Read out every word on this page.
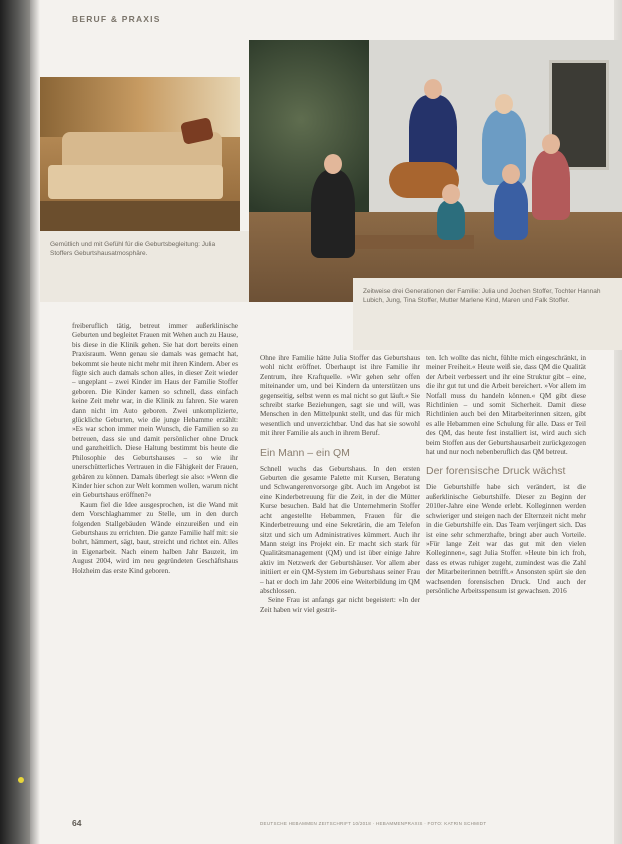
BERUF & PRAXIS
Gemütlich und mit Gefühl für die Geburtsbegleitung: Julia Stoffers Geburtshausatmosphäre.
Zeitweise drei Generationen der Familie: Julia und Jochen Stoffer, Tochter Hannah Lubich, Jung, Tina Stoffer, Mutter Marlene Kind, Maren und Falk Stoffer.

freiberuflich tätig, betreut immer außerklinische Geburten und begleitet Frauen mit Wehen auch zu Hause, bis diese in die Klinik gehen. Sie hat dort bereits einen Praxisraum. Wenn genau sie damals was gemacht hat, bekommt sie heute nicht mehr mit ihren Kindern. Aber es fügte sich auch damals schon alles, in dieser Zeit wieder – ungeplant – zwei Kinder im Haus der Familie Stoffer geboren. Die Kinder kamen so schnell, dass einfach keine Zeit mehr war, in die Klinik zu fahren. Sie waren dann nicht im Auto geboren. Zwei unkomplizierte, glückliche Geburten, wie die junge Hebamme erzählt: »Es war schon immer mein Wunsch, die Familien so zu betreuen, dass sie und damit persönlicher ohne Druck und ganzheitlich. Diese Haltung bestimmt bis heute die Philosophie des Geburtshauses – so wie ihr unerschütterliches Vertrauen in die Fähigkeit der Frauen, gebären zu können. Damals überlegt sie also: »Wenn die Kinder hier schon zur Welt kommen wollen, warum nicht ein Geburtshaus eröffnen?«

Kaum fiel die Idee ausgesprochen, ist die Wand mit dem Vorschlaghammer zu Stelle, um in den durch folgenden Stallgebäuden Wände einzureißen und ein Geburtshaus zu errichten. Die ganze Familie half mit: sie bohrt, hämmert, sägt, baut, streicht und richtet ein. Alles in Eigenarbeit. Nach einem halben Jahr Bauzeit, im August 2004, wird im neu gegründeten Geschäftshaus Holzheim das erste Kind geboren.

Ohne ihre Familie hätte Julia Stoffer das Geburtshaus wohl nicht eröffnet. Überhaupt ist ihre Familie ihr Zentrum, ihre Kraftquelle. »Wir gehen sehr offen miteinander um, und bei Kindern da unterstützen uns gegenseitig, selbst wenn es mal nicht so gut läuft.« Sie schreibt starke Beziehungen, sagt sie und will, was Menschen in den Mittelpunkt stellt, und das für mich wesentlich und unverzichtbar. Und das hat sie sowohl mit ihrer Familie als auch in ihrem Beruf.

Ein Mann – ein QM

Schnell wuchs das Geburtshaus. In den ersten Geburten die gesamte Palette mit Kursen, Beratung und Schwangerenvorsorge gibt. Auch im Angebot ist eine Kinderbetreuung für die Zeit, in der die Mütter Kurse besuchen. Bald hat die Unternehmerin Stoffer acht angestellte Hebammen, Frauen für die Kinderbetreuung und eine Sekretärin, die am Telefon sitzt und sich um Administratives kümmert. Auch ihr Mann steigt ins Projekt ein. Er macht sich stark für Qualitätsmanagement (QM) und ist über einige Jahre aktiv im Netzwerk der Geburtshäuser. Vor allem aber initiiert er ein QM-System im Geburtshaus seiner Frau – hat er doch im Jahr 2006 eine Weiterbildung im QM abschlossen.

Seine Frau ist anfangs gar nicht begeistert: »In der Zeit haben wir viel gestrit-

ten. Ich wollte das nicht, fühlte mich eingeschränkt, in meiner Freiheit.« Heute weiß sie, dass QM die Qualität der Arbeit verbessert und ihr eine Struktur gibt – eine, die ihr gut tut und die Arbeit bereichert. »Vor allem im Notfall muss du handeln können.« QM gibt diese Richtlinien – und somit Sicherheit. Damit diese Richtlinien auch bei den Mitarbeiterinnen sitzen, gibt es alle Hebammen eine Schulung für alle. Dass er Teil des QM, das heute fest installiert ist, wird auch sich beim Stoffen aus der Geburtshausarbeit zurückgezogen hat und nur noch nebenberuflich das QM betreut.

Der forensische Druck wächst

Die Geburtshilfe habe sich verändert, ist die außerklinische Geburtshilfe. Dieser zu Beginn der 2010er-Jahre eine Wende erlebt. Kolleginnen werden schwieriger und steigen nach der Elternzeit nicht mehr in die Geburtshilfe ein. Das Team verjüngert sich. Das ist eine sehr schmerzhafte, bringt aber auch Vorteile. »Für lange Zeit war das gut mit den vielen Kolleginnen«, sagt Julia Stoffer. »Heute bin ich froh, dass es etwas ruhiger zugeht, zumindest was die Zahl der Mitarbeiterinnen betrifft.« Ansonsten spürt sie den wachsenden forensischen Druck. Und auch der persönliche Arbeitsspensum ist gewachsen. 2016

64	DEUTSCHE HEBAMMEN ZEITSCHRIFT 10/2018 · HEBAMMENPRAXIS · FOTO: KATRIN SCHMIDT
